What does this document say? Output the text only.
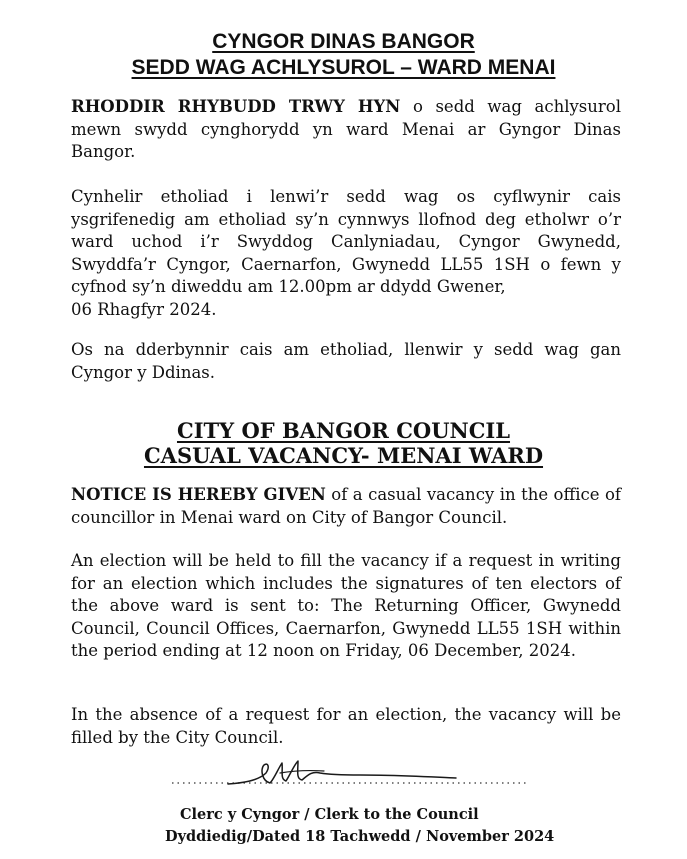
CYNGOR DINAS BANGOR
SEDD WAG ACHLYSUROL – WARD MENAI

RHODDIR RHYBUDD TRWY HYN o sedd wag achlysurol mewn swydd cynghorydd yn ward Menai ar Gyngor Dinas Bangor.

Cynhelir etholiad i lenwi’r sedd wag os cyflwynir cais ysgrifenedig am etholiad sy’n cynnwys llofnod deg etholwr o’r ward uchod i’r Swyddog Canlyniadau, Cyngor Gwynedd, Swyddfa’r Cyngor, Caernarfon, Gwynedd LL55 1SH o fewn y cyfnod sy’n diweddu am 12.00pm ar ddydd Gwener,
06 Rhagfyr 2024.

Os na dderbynnir cais am etholiad, llenwir y sedd wag gan Cyngor y Ddinas.

CITY OF BANGOR COUNCIL
CASUAL VACANCY- MENAI WARD

NOTICE IS HEREBY GIVEN of a casual vacancy in the office of councillor in Menai ward on City of Bangor Council.

An election will be held to fill the vacancy if a request in writing for an election which includes the signatures of ten electors of the above ward is sent to: The Returning Officer, Gwynedd Council, Council Offices, Caernarfon, Gwynedd LL55 1SH within the period ending at 12 noon on Friday, 06 December, 2024.

In the absence of a request for an election, the vacancy will be filled by the City Council.

Clerc y Cyngor / Clerk to the Council

Dyddiedig/Dated 18 Tachwedd / November 2024
